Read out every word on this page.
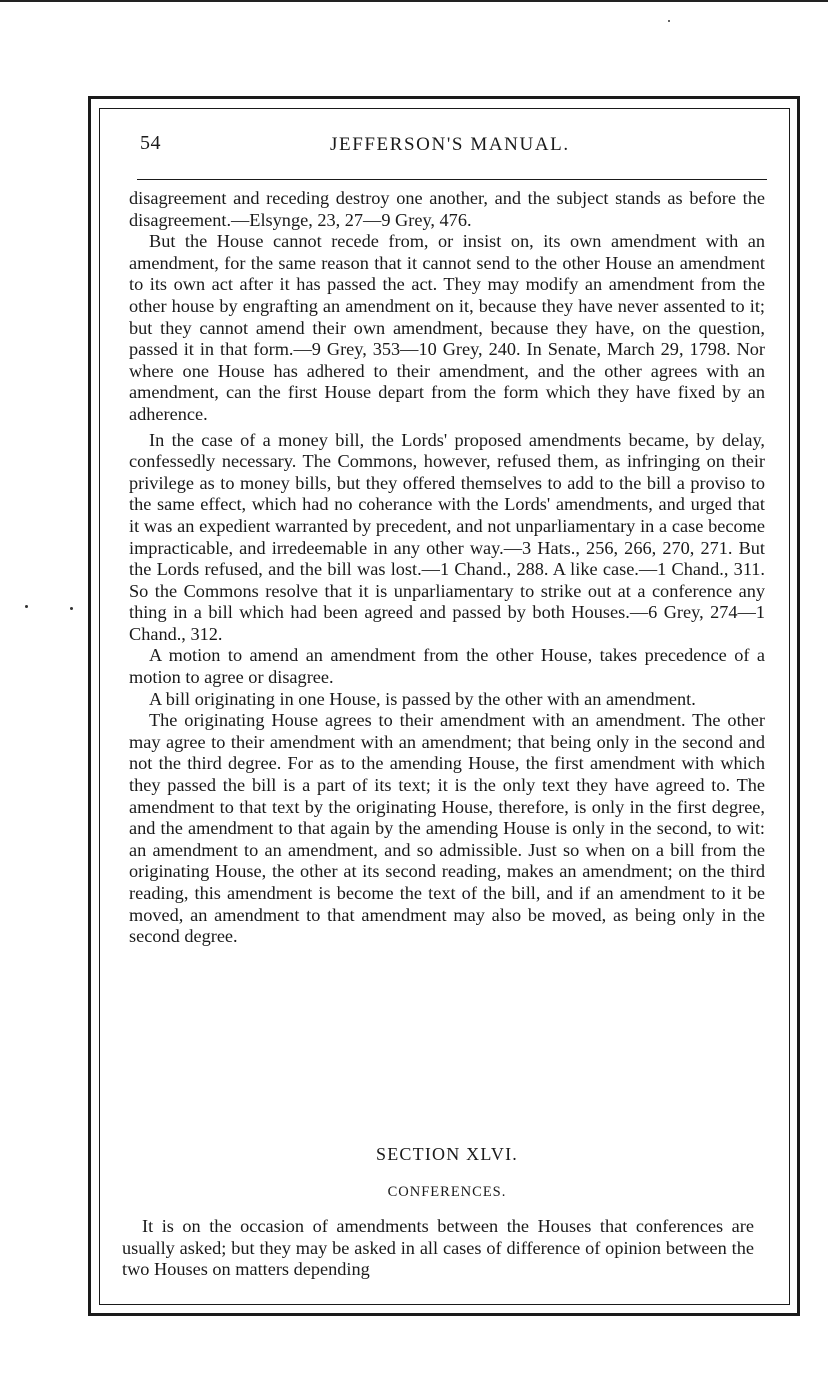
54	JEFFERSON'S MANUAL.

disagreement and receding destroy one another, and the subject stands as before the disagreement.—Elsynge, 23, 27—9 Grey, 476.

But the House cannot recede from, or insist on, its own amendment with an amendment, for the same reason that it cannot send to the other House an amendment to its own act after it has passed the act. They may modify an amendment from the other house by engrafting an amendment on it, because they have never assented to it; but they cannot amend their own amendment, because they have, on the question, passed it in that form.—9 Grey, 353—10 Grey, 240. In Senate, March 29, 1798. Nor where one House has adhered to their amendment, and the other agrees with an amendment, can the first House depart from the form which they have fixed by an adherence.

In the case of a money bill, the Lords' proposed amendments became, by delay, confessedly necessary. The Commons, however, refused them, as infringing on their privilege as to money bills, but they offered themselves to add to the bill a proviso to the same effect, which had no coherance with the Lords' amendments, and urged that it was an expedient warranted by precedent, and not unparliamentary in a case become impracticable, and irredeemable in any other way.—3 Hats., 256, 266, 270, 271. But the Lords refused, and the bill was lost.—1 Chand., 288. A like case.—1 Chand., 311. So the Commons resolve that it is unparliamentary to strike out at a conference any thing in a bill which had been agreed and passed by both Houses.—6 Grey, 274—1 Chand., 312.

A motion to amend an amendment from the other House, takes precedence of a motion to agree or disagree.

A bill originating in one House, is passed by the other with an amendment.

The originating House agrees to their amendment with an amendment. The other may agree to their amendment with an amendment; that being only in the second and not the third degree. For as to the amending House, the first amendment with which they passed the bill is a part of its text; it is the only text they have agreed to. The amendment to that text by the originating House, therefore, is only in the first degree, and the amendment to that again by the amending House is only in the second, to wit: an amendment to an amendment, and so admissible. Just so when on a bill from the originating House, the other at its second reading, makes an amendment; on the third reading, this amendment is become the text of the bill, and if an amendment to it be moved, an amendment to that amendment may also be moved, as being only in the second degree.

SECTION XLVI.
CONFERENCES.

It is on the occasion of amendments between the Houses that conferences are usually asked; but they may be asked in all cases of difference of opinion between the two Houses on matters depending
